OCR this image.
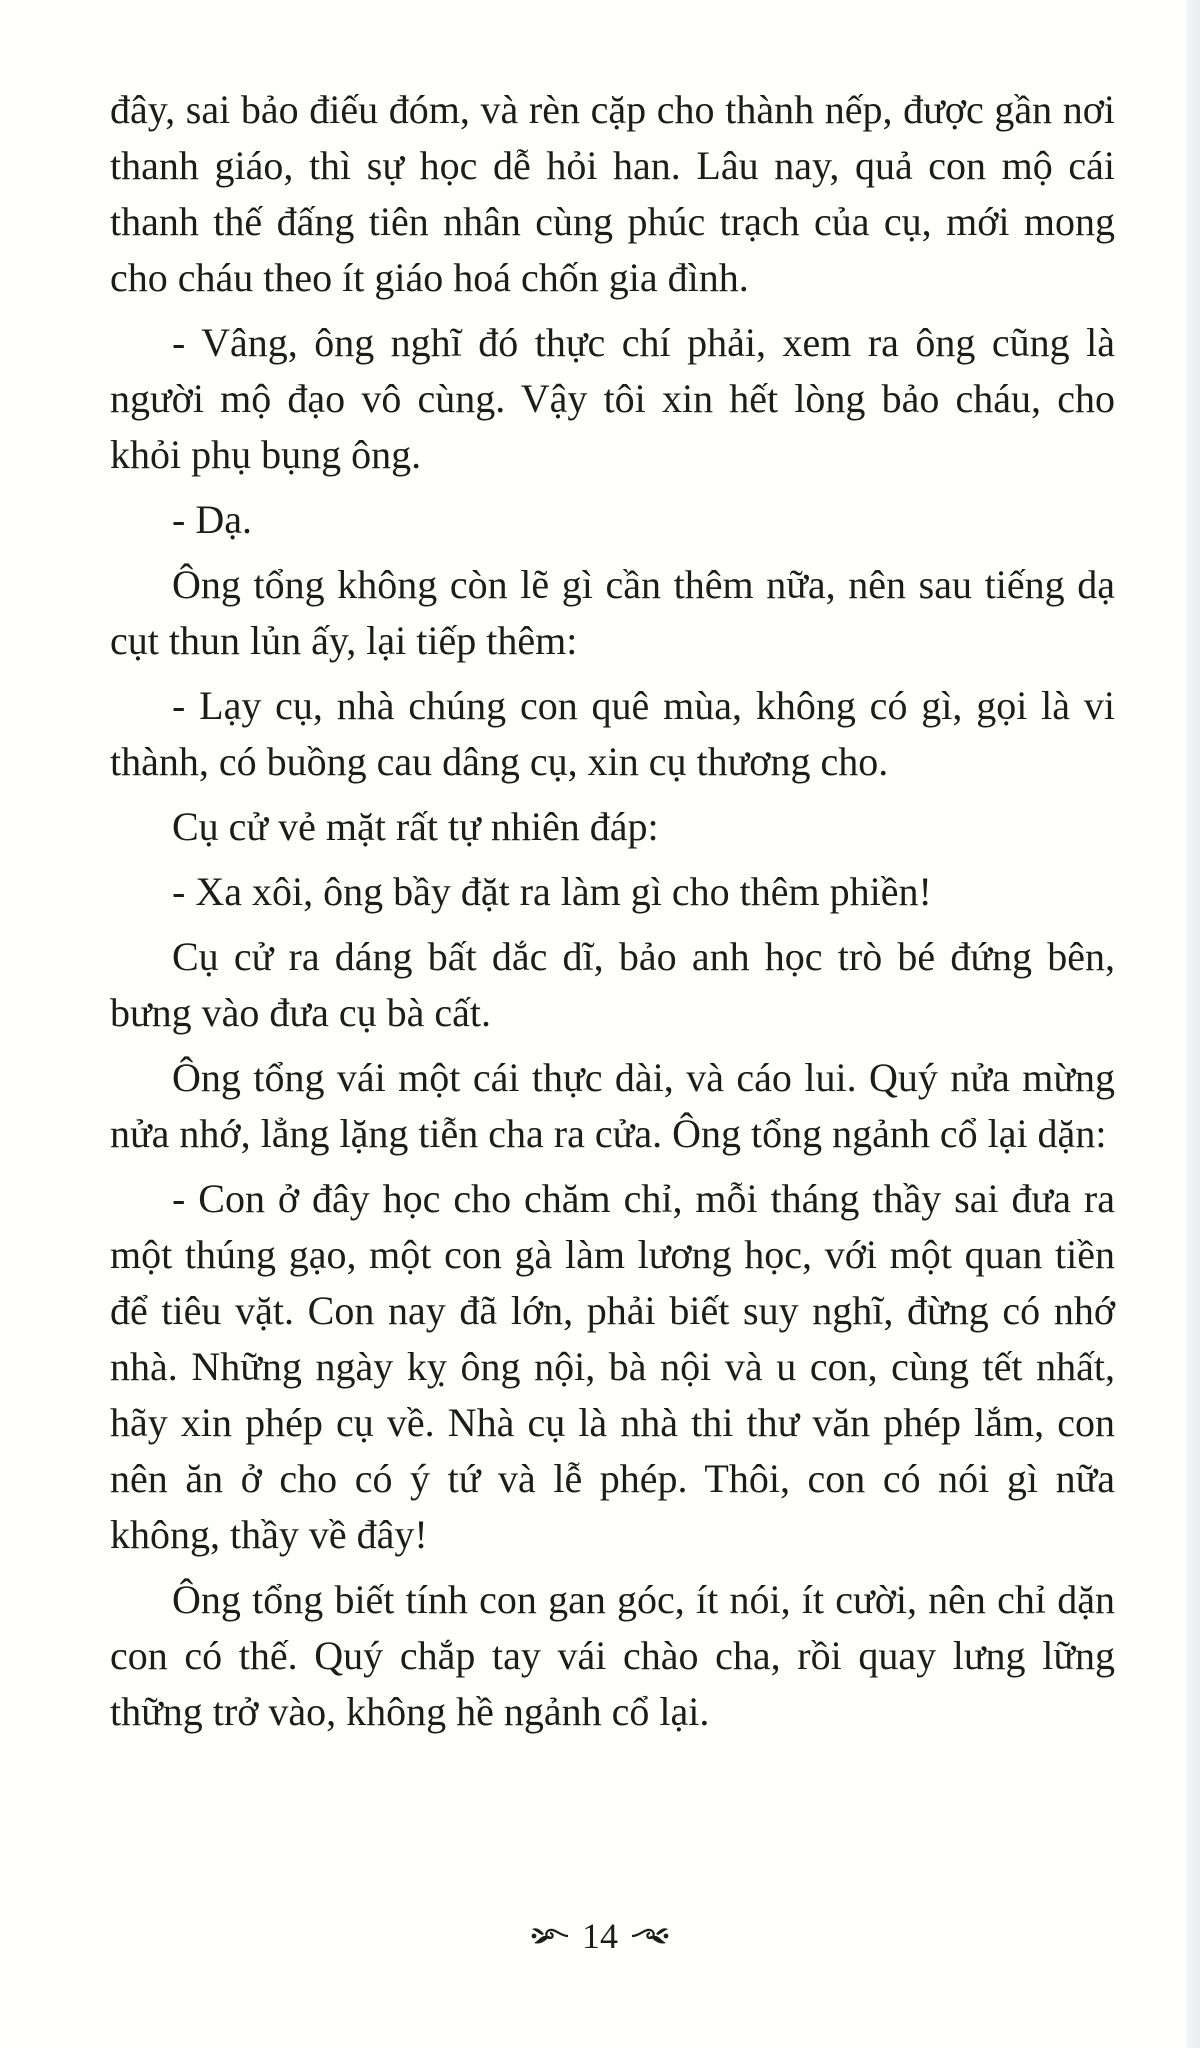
đây, sai bảo điếu đóm, và rèn cặp cho thành nếp, được gần nơi thanh giáo, thì sự học dễ hỏi han. Lâu nay, quả con mộ cái thanh thế đấng tiên nhân cùng phúc trạch của cụ, mới mong cho cháu theo ít giáo hoá chốn gia đình.

- Vâng, ông nghĩ đó thực chí phải, xem ra ông cũng là người mộ đạo vô cùng. Vậy tôi xin hết lòng bảo cháu, cho khỏi phụ bụng ông.

- Dạ.

Ông tổng không còn lẽ gì cần thêm nữa, nên sau tiếng dạ cụt thun lủn ấy, lại tiếp thêm:

- Lạy cụ, nhà chúng con quê mùa, không có gì, gọi là vi thành, có buồng cau dâng cụ, xin cụ thương cho.

Cụ cử vẻ mặt rất tự nhiên đáp:

- Xa xôi, ông bầy đặt ra làm gì cho thêm phiền!

Cụ cử ra dáng bất dắc dĩ, bảo anh học trò bé đứng bên, bưng vào đưa cụ bà cất.

Ông tổng vái một cái thực dài, và cáo lui. Quý nửa mừng nửa nhớ, lẳng lặng tiễn cha ra cửa. Ông tổng ngảnh cổ lại dặn:

- Con ở đây học cho chăm chỉ, mỗi tháng thầy sai đưa ra một thúng gạo, một con gà làm lương học, với một quan tiền để tiêu vặt. Con nay đã lớn, phải biết suy nghĩ, đừng có nhớ nhà. Những ngày kỵ ông nội, bà nội và u con, cùng tết nhất, hãy xin phép cụ về. Nhà cụ là nhà thi thư văn phép lắm, con nên ăn ở cho có ý tứ và lễ phép. Thôi, con có nói gì nữa không, thầy về đây!

Ông tổng biết tính con gan góc, ít nói, ít cười, nên chỉ dặn con có thế. Quý chắp tay vái chào cha, rồi quay lưng lững thững trở vào, không hề ngảnh cổ lại.

14
